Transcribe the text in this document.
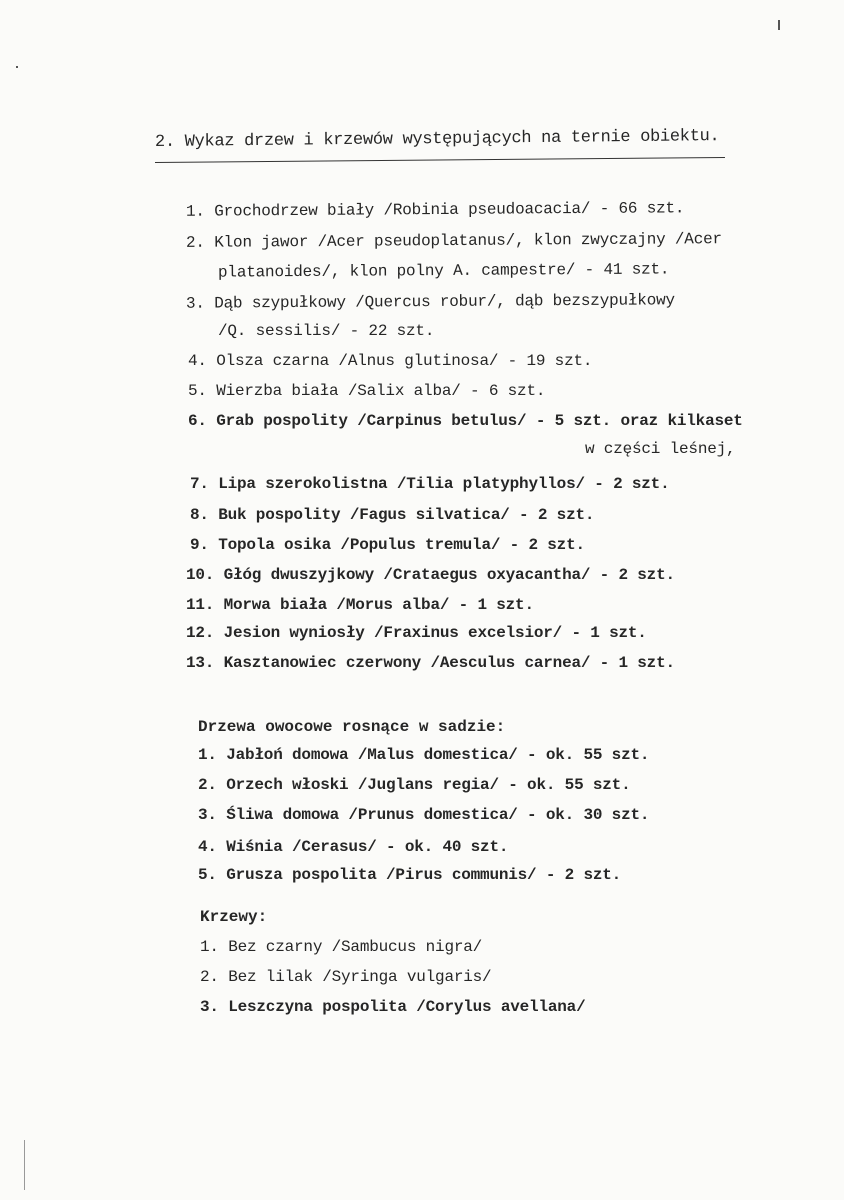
2. Wykaz drzew i krzewów występujących na ternie obiektu.
1. Grochodrzew biały /Robinia pseudoacacia/ - 66 szt.
2. Klon jawor /Acer pseudoplatanus/, klon zwyczajny /Acer
platanoides/, klon polny A. campestre/ - 41 szt.
3. Dąb szypułkowy /Quercus robur/, dąb bezszypułkowy
/Q. sessilis/ - 22 szt.
4. Olsza czarna /Alnus glutinosa/ - 19 szt.
5. Wierzba biała /Salix alba/ - 6 szt.
6. Grab pospolity /Carpinus betulus/ - 5 szt. oraz kilkaset
w części leśnej,
7. Lipa szerokolistna /Tilia platyphyllos/ - 2 szt.
8. Buk pospolity /Fagus silvatica/ - 2 szt.
9. Topola osika /Populus tremula/ - 2 szt.
10. Głóg dwuszyjkowy /Crataegus oxyacantha/ - 2 szt.
11. Morwa biała /Morus alba/ - 1 szt.
12. Jesion wyniosły /Fraxinus excelsior/ - 1 szt.
13. Kasztanowiec czerwony /Aesculus carnea/ - 1 szt.
Drzewa owocowe rosnące w sadzie:
1. Jabłoń domowa /Malus domestica/ - ok. 55 szt.
2. Orzech włoski /Juglans regia/ - ok. 55 szt.
3. Śliwa domowa /Prunus domestica/ - ok. 30 szt.
4. Wiśnia /Cerasus/ - ok. 40 szt.
5. Grusza pospolita /Pirus communis/ - 2 szt.
Krzewy:
1. Bez czarny /Sambucus nigra/
2. Bez lilak /Syringa vulgaris/
3. Leszczyna pospolita /Corylus avellana/
